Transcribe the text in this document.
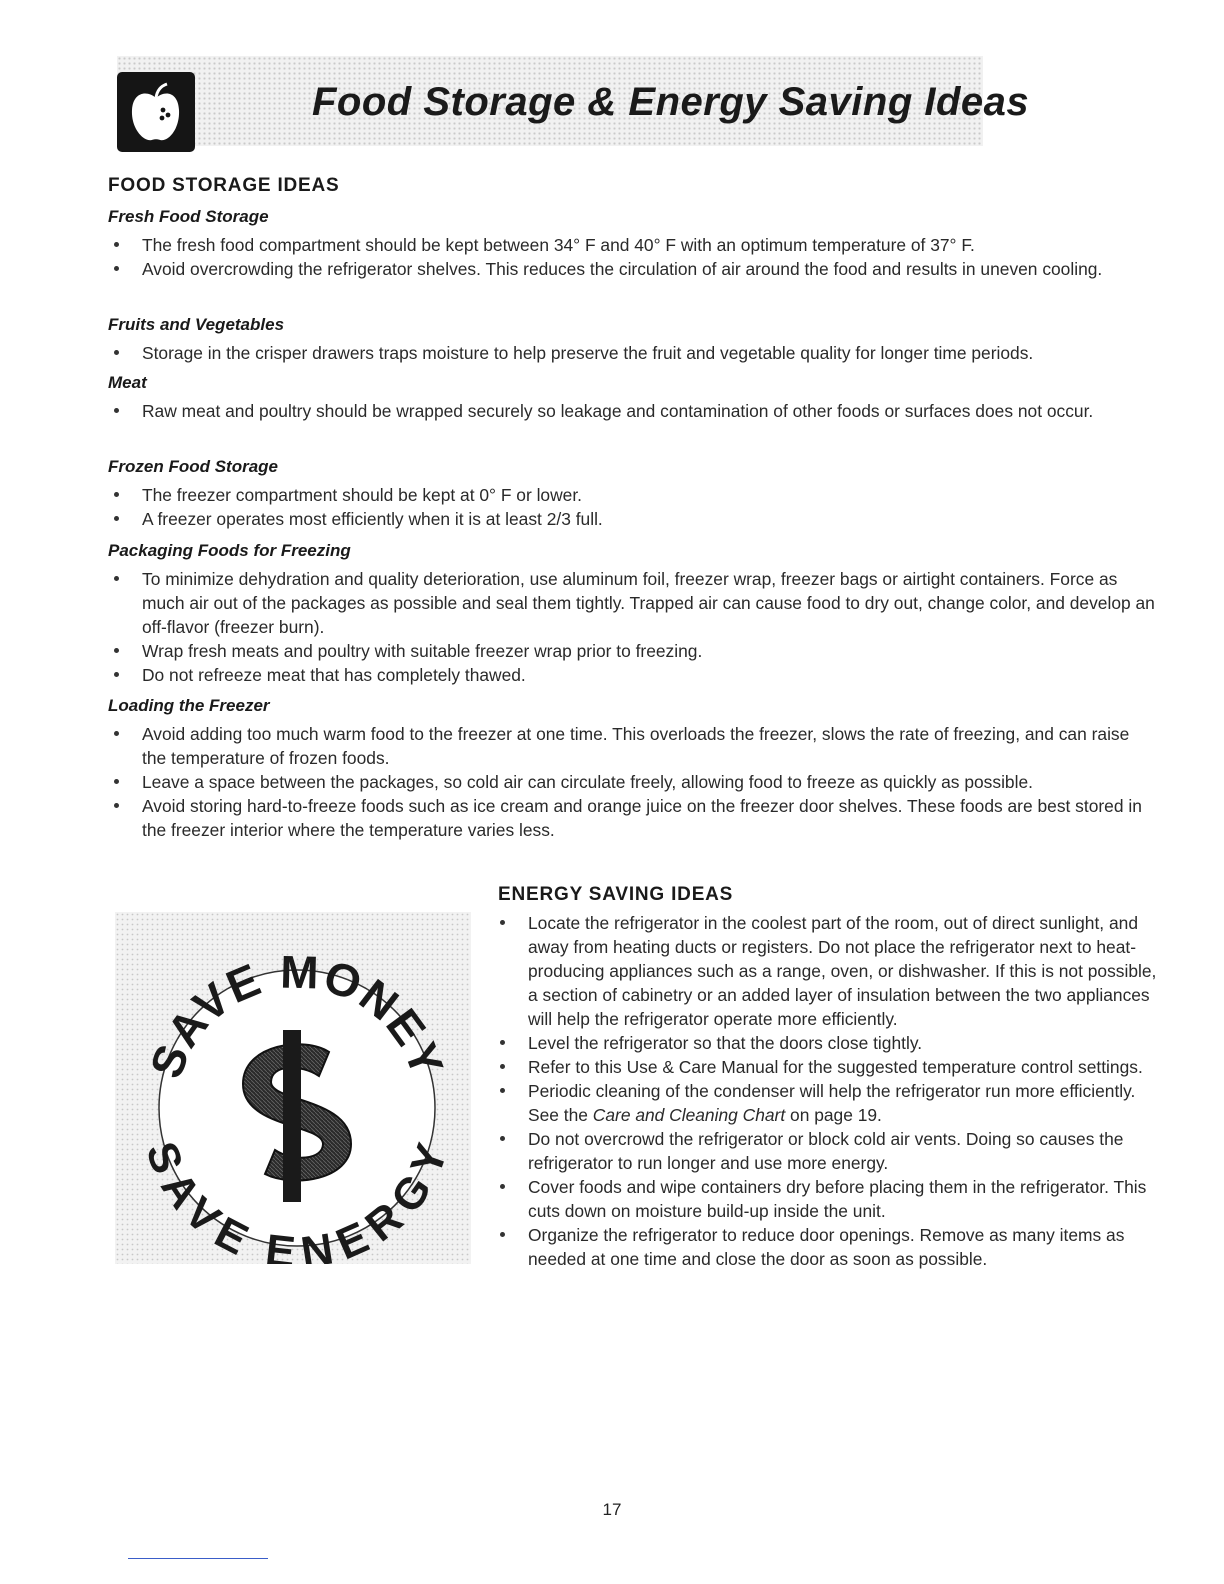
Food Storage & Energy Saving Ideas
FOOD STORAGE IDEAS
Fresh Food Storage
The fresh food compartment should be kept between 34° F and 40° F with an optimum temperature of 37° F.
Avoid overcrowding the refrigerator shelves. This reduces the circulation of air around the food and results in uneven cooling.
Fruits and Vegetables
Storage in the crisper drawers traps moisture to help preserve the fruit and vegetable quality for longer time periods.
Meat
Raw meat and poultry should be wrapped securely so leakage and contamination of other foods or surfaces does not occur.
Frozen Food Storage
The freezer compartment should be kept at 0° F or lower.
A freezer operates most efficiently when it is at least 2/3 full.
Packaging Foods for Freezing
To minimize dehydration and quality deterioration, use aluminum foil, freezer wrap, freezer bags or airtight containers. Force as much air out of the packages as possible and seal them tightly. Trapped air can cause food to dry out, change color, and develop an off-flavor (freezer burn).
Wrap fresh meats and poultry with suitable freezer wrap prior to freezing.
Do not refreeze meat that has completely thawed.
Loading the Freezer
Avoid adding too much warm food to the freezer at one time. This overloads the freezer, slows the rate of freezing, and can raise the temperature of frozen foods.
Leave a space between the packages, so cold air can circulate freely, allowing food to freeze as quickly as possible.
Avoid storing hard-to-freeze foods such as ice cream and orange juice on the freezer door shelves. These foods are best stored in the freezer interior where the temperature varies less.
SAVE MONEY
SAVE ENERGY
ENERGY SAVING IDEAS
Locate the refrigerator in the coolest part of the room, out of direct sunlight, and away from heating ducts or registers. Do not place the refrigerator next to heat-producing appliances such as a range, oven, or dishwasher. If this is not possible, a section of cabinetry or an added layer of insulation between the two appliances will help the refrigerator operate more efficiently.
Level the refrigerator so that the doors close tightly.
Refer to this Use & Care Manual for the suggested temperature control settings.
Periodic cleaning of the condenser will help the refrigerator run more efficiently. See the Care and Cleaning Chart on page 19.
Do not overcrowd the refrigerator or block cold air vents. Doing so causes the refrigerator to run longer and use more energy.
Cover foods and wipe containers dry before placing them in the refrigerator. This cuts down on moisture build-up inside the unit.
Organize the refrigerator to reduce door openings. Remove as many items as needed at one time and close the door as soon as possible.

17
